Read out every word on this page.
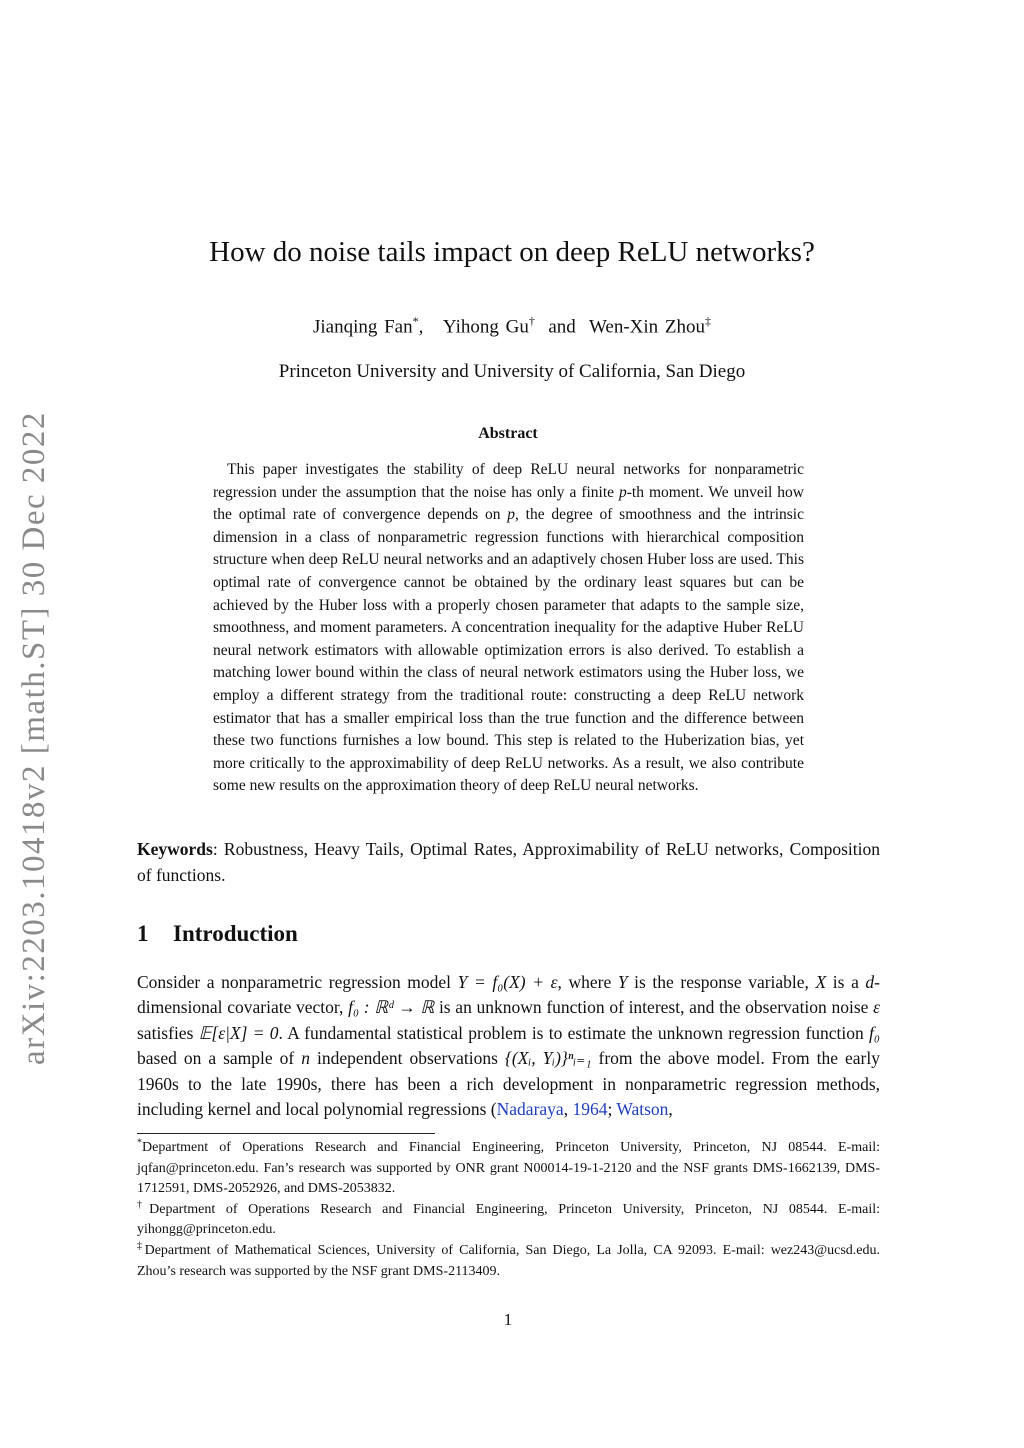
arXiv:2203.10418v2 [math.ST] 30 Dec 2022
How do noise tails impact on deep ReLU networks?
Jianqing Fan*,   Yihong Gu† and Wen-Xin Zhou‡
Princeton University and University of California, San Diego
Abstract

This paper investigates the stability of deep ReLU neural networks for nonparametric regression under the assumption that the noise has only a finite p-th moment. We unveil how the optimal rate of convergence depends on p, the degree of smoothness and the intrinsic dimension in a class of nonparametric regression functions with hierarchical composition structure when deep ReLU neural networks and an adaptively chosen Huber loss are used. This optimal rate of convergence cannot be obtained by the ordinary least squares but can be achieved by the Huber loss with a properly chosen parameter that adapts to the sample size, smoothness, and moment parameters. A concentration inequality for the adaptive Huber ReLU neural network estimators with allowable optimization errors is also derived. To establish a matching lower bound within the class of neural network estimators using the Huber loss, we employ a different strategy from the traditional route: constructing a deep ReLU network estimator that has a smaller empirical loss than the true function and the difference between these two functions furnishes a low bound. This step is related to the Huberization bias, yet more critically to the approximability of deep ReLU networks. As a result, we also contribute some new results on the approximation theory of deep ReLU neural networks.

Keywords: Robustness, Heavy Tails, Optimal Rates, Approximability of ReLU networks, Composition of functions.

1 Introduction

Consider a nonparametric regression model Y = f₀(X) + ε, where Y is the response variable, X is a d-dimensional covariate vector, f₀ : ℝᵈ → ℝ is an unknown function of interest, and the observation noise ε satisfies 𝔼[ε|X] = 0. A fundamental statistical problem is to estimate the unknown regression function f₀ based on a sample of n independent observations {(Xᵢ, Yᵢ)}ⁿᵢ₌₁ from the above model. From the early 1960s to the late 1990s, there has been a rich development in nonparametric regression methods, including kernel and local polynomial regressions (Nadaraya, 1964; Watson,

*Department of Operations Research and Financial Engineering, Princeton University, Princeton, NJ 08544. E-mail: jqfan@princeton.edu. Fan’s research was supported by ONR grant N00014-19-1-2120 and the NSF grants DMS-1662139, DMS-1712591, DMS-2052926, and DMS-2053832.

†Department of Operations Research and Financial Engineering, Princeton University, Princeton, NJ 08544. E-mail: yihongg@princeton.edu.

‡Department of Mathematical Sciences, University of California, San Diego, La Jolla, CA 92093. E-mail: wez243@ucsd.edu. Zhou’s research was supported by the NSF grant DMS-2113409.

1
